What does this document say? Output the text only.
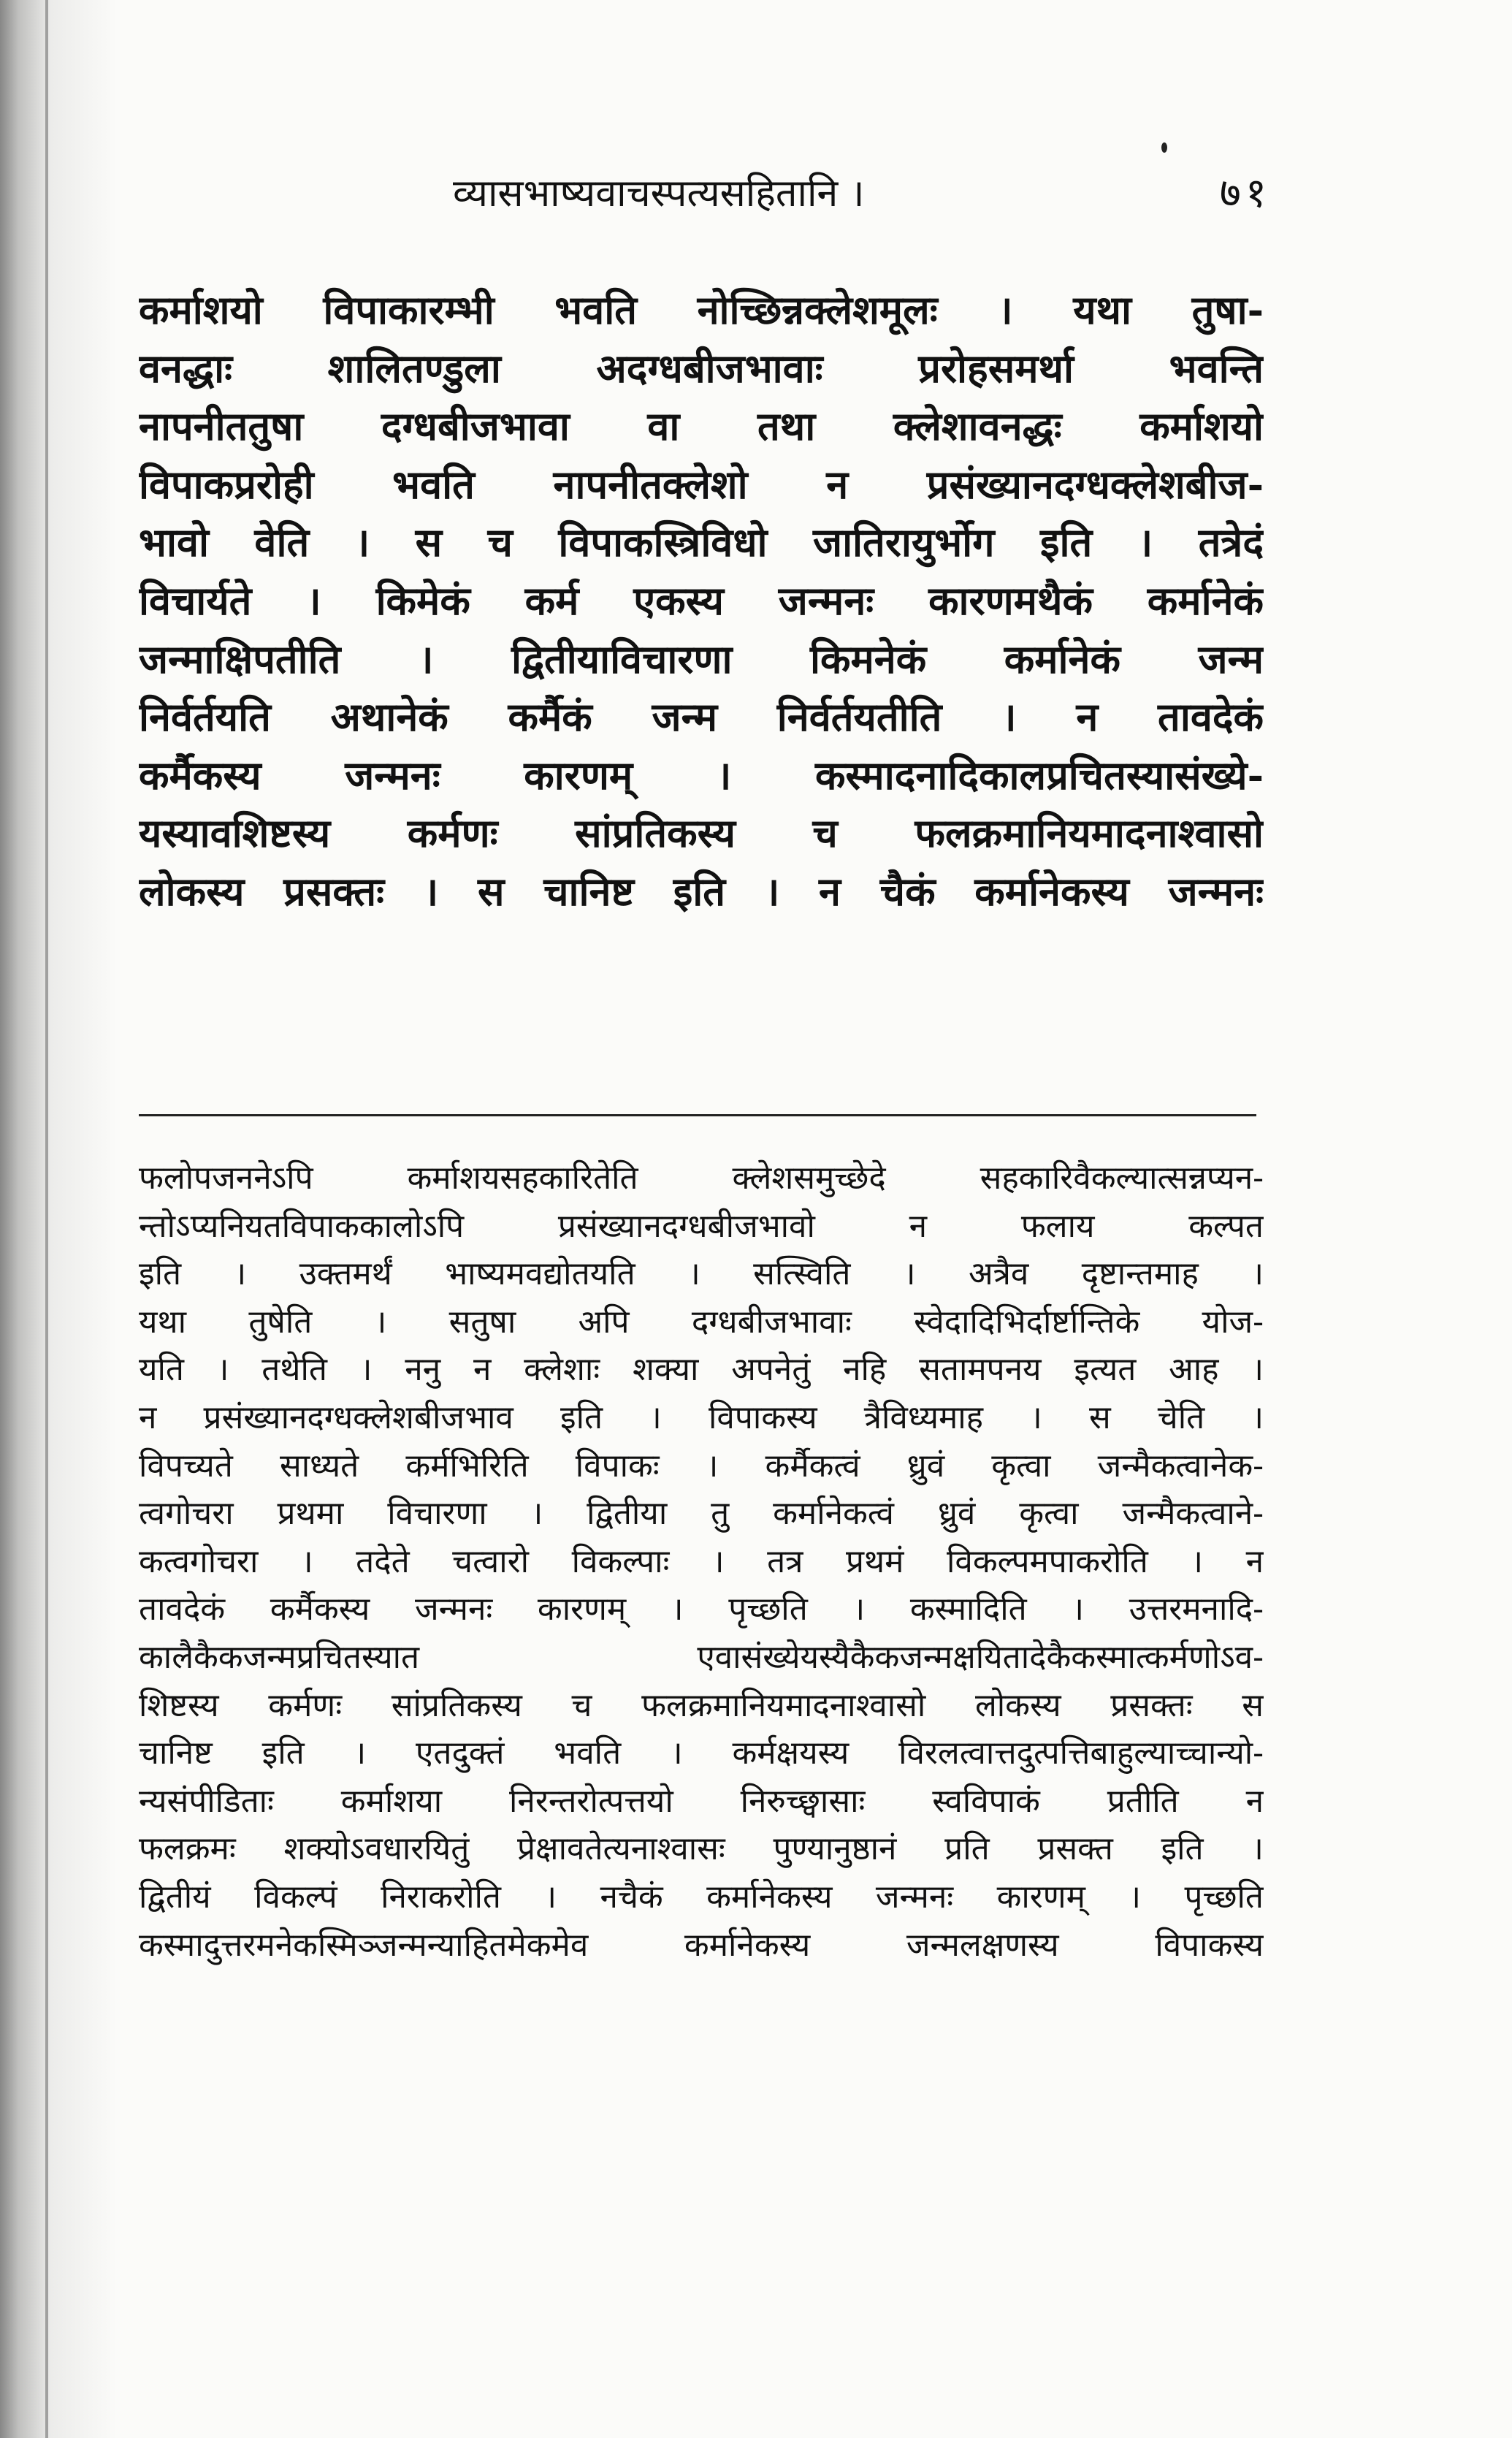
व्यासभाष्यवाचस्पत्यसहितानि ।	७१
कर्माशयो विपाकारम्भी भवति नोच्छिन्नक्लेशमूलः । यथा तुषा-
वनद्धाः शालितण्डुला अदग्धबीजभावाः प्ररोहसमर्था भवन्ति
नापनीततुषा दग्धबीजभावा वा तथा क्लेशावनद्धः कर्माशयो
विपाकप्ररोही भवति नापनीतक्लेशो न प्रसंख्यानदग्धक्लेशबीज-
भावो वेति । स च विपाकस्त्रिविधो जातिरायुर्भोग इति । तत्रेदं
विचार्यते । किमेकं कर्म एकस्य जन्मनः कारणमथैकं कर्मानेकं
जन्माक्षिपतीति । द्वितीयाविचारणा किमनेकं कर्मानेकं जन्म
निर्वर्तयति अथानेकं कर्मैकं जन्म निर्वर्तयतीति । न तावदेकं
कर्मैकस्य जन्मनः कारणम् । कस्मादनादिकालप्रचितस्यासंख्ये-
यस्यावशिष्टस्य कर्मणः सांप्रतिकस्य च फलक्रमानियमादनाश्वासो
लोकस्य प्रसक्तः । स चानिष्ट इति । न चैकं कर्मानेकस्य जन्मनः
फलोपजननेऽपि कर्माशयसहकारितेति क्लेशसमुच्छेदे सहकारिवैकल्यात्सन्नप्यन-
न्तोऽप्यनियतविपाककालोऽपि प्रसंख्यानदग्धबीजभावो न फलाय कल्पत
इति । उक्तमर्थं भाष्यमवद्योतयति । सत्स्विति । अत्रैव दृष्टान्तमाह ।
यथा तुषेति । सतुषा अपि दग्धबीजभावाः स्वेदादिभिर्दार्ष्टान्तिके योज-
यति । तथेति । ननु न क्लेशाः शक्या अपनेतुं नहि सतामपनय इत्यत आह ।
न प्रसंख्यानदग्धक्लेशबीजभाव इति । विपाकस्य त्रैविध्यमाह । स चेति ।
विपच्यते साध्यते कर्मभिरिति विपाकः । कर्मैकत्वं ध्रुवं कृत्वा जन्मैकत्वानेक-
त्वगोचरा प्रथमा विचारणा । द्वितीया तु कर्मानेकत्वं ध्रुवं कृत्वा जन्मैकत्वाने-
कत्वगोचरा । तदेते चत्वारो विकल्पाः । तत्र प्रथमं विकल्पमपाकरोति । न
तावदेकं कर्मैकस्य जन्मनः कारणम् । पृच्छति । कस्मादिति । उत्तरमनादि-
कालैकैकजन्मप्रचितस्यात एवासंख्येयस्यैकैकजन्मक्षयितादेकैकस्मात्कर्मणोऽव-
शिष्टस्य कर्मणः सांप्रतिकस्य च फलक्रमानियमादनाश्वासो लोकस्य प्रसक्तः स
चानिष्ट इति । एतदुक्तं भवति । कर्मक्षयस्य विरलत्वात्तदुत्पत्तिबाहुल्याच्चान्यो-
न्यसंपीडिताः कर्माशया निरन्तरोत्पत्तयो निरुच्छ्वासाः स्वविपाकं प्रतीति न
फलक्रमः शक्योऽवधारयितुं प्रेक्षावतेत्यनाश्वासः पुण्यानुष्ठानं प्रति प्रसक्त इति ।
द्वितीयं विकल्पं निराकरोति । नचैकं कर्मानेकस्य जन्मनः कारणम् । पृच्छति
कस्मादुत्तरमनेकस्मिञ्जन्मन्याहितमेकमेव कर्मानेकस्य जन्मलक्षणस्य विपाकस्य
